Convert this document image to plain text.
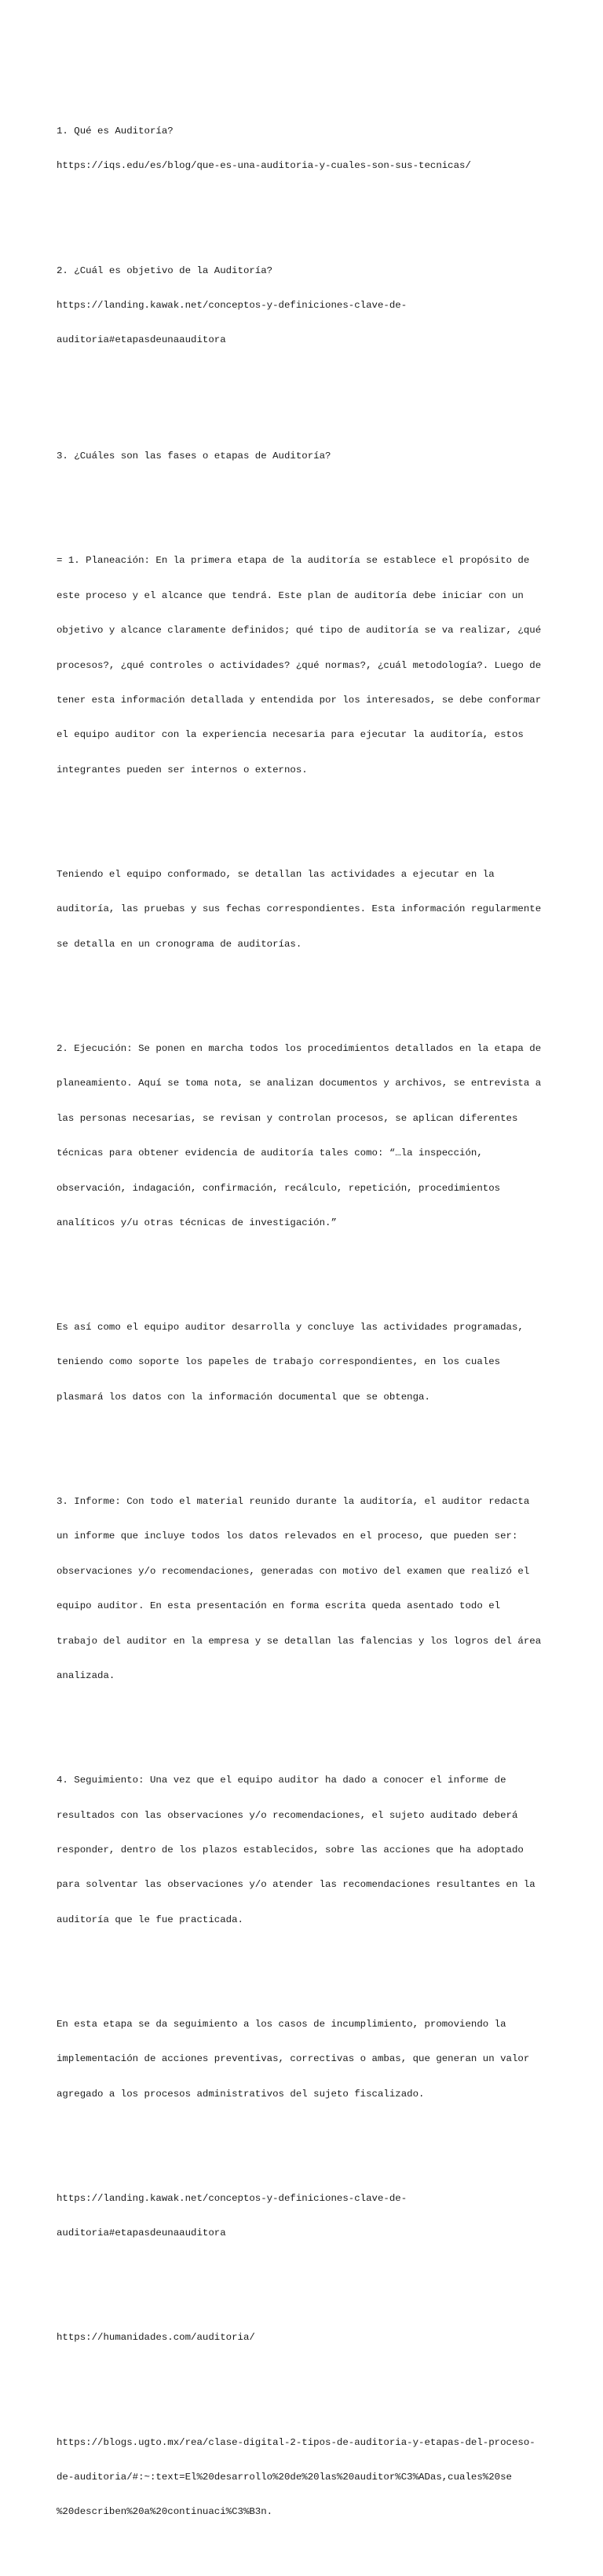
1. Qué es Auditoría?

https://iqs.edu/es/blog/que-es-una-auditoria-y-cuales-son-sus-tecnicas/

2. ¿Cuál es objetivo de la Auditoría?

https://landing.kawak.net/conceptos-y-definiciones-clave-de-

auditoria#etapasdeunaauditora

3. ¿Cuáles son las fases o etapas de Auditoría?

= 1. Planeación: En la primera etapa de la auditoría se establece el propósito de

este proceso y el alcance que tendrá. Este plan de auditoría debe iniciar con un

objetivo y alcance claramente definidos; qué tipo de auditoría se va realizar, ¿qué

procesos?, ¿qué controles o actividades? ¿qué normas?, ¿cuál metodología?. Luego de

tener esta información detallada y entendida por los interesados, se debe conformar

el equipo auditor con la experiencia necesaria para ejecutar la auditoría, estos

integrantes pueden ser internos o externos.

Teniendo el equipo conformado, se detallan las actividades a ejecutar en la

auditoría, las pruebas y sus fechas correspondientes. Esta información regularmente

se detalla en un cronograma de auditorías.

2. Ejecución: Se ponen en marcha todos los procedimientos detallados en la etapa de

planeamiento. Aquí se toma nota, se analizan documentos y archivos, se entrevista a

las personas necesarias, se revisan y controlan procesos, se aplican diferentes

técnicas para obtener evidencia de auditoría tales como: “…la inspección,

observación, indagación, confirmación, recálculo, repetición, procedimientos

analíticos y/u otras técnicas de investigación.”

Es así como el equipo auditor desarrolla y concluye las actividades programadas,

teniendo como soporte los papeles de trabajo correspondientes, en los cuales

plasmará los datos con la información documental que se obtenga.

3. Informe: Con todo el material reunido durante la auditoría, el auditor redacta

un informe que incluye todos los datos relevados en el proceso, que pueden ser:

observaciones y/o recomendaciones, generadas con motivo del examen que realizó el

equipo auditor. En esta presentación en forma escrita queda asentado todo el

trabajo del auditor en la empresa y se detallan las falencias y los logros del área

analizada.

4. Seguimiento: Una vez que el equipo auditor ha dado a conocer el informe de

resultados con las observaciones y/o recomendaciones, el sujeto auditado deberá

responder, dentro de los plazos establecidos, sobre las acciones que ha adoptado

para solventar las observaciones y/o atender las recomendaciones resultantes en la

auditoría que le fue practicada.

En esta etapa se da seguimiento a los casos de incumplimiento, promoviendo la

implementación de acciones preventivas, correctivas o ambas, que generan un valor

agregado a los procesos administrativos del sujeto fiscalizado.

https://landing.kawak.net/conceptos-y-definiciones-clave-de-

auditoria#etapasdeunaauditora

https://humanidades.com/auditoria/

https://blogs.ugto.mx/rea/clase-digital-2-tipos-de-auditoria-y-etapas-del-proceso-

de-auditoria/#:~:text=El%20desarrollo%20de%20las%20auditor%C3%ADas,cuales%20se

%20describen%20a%20continuaci%C3%B3n.
